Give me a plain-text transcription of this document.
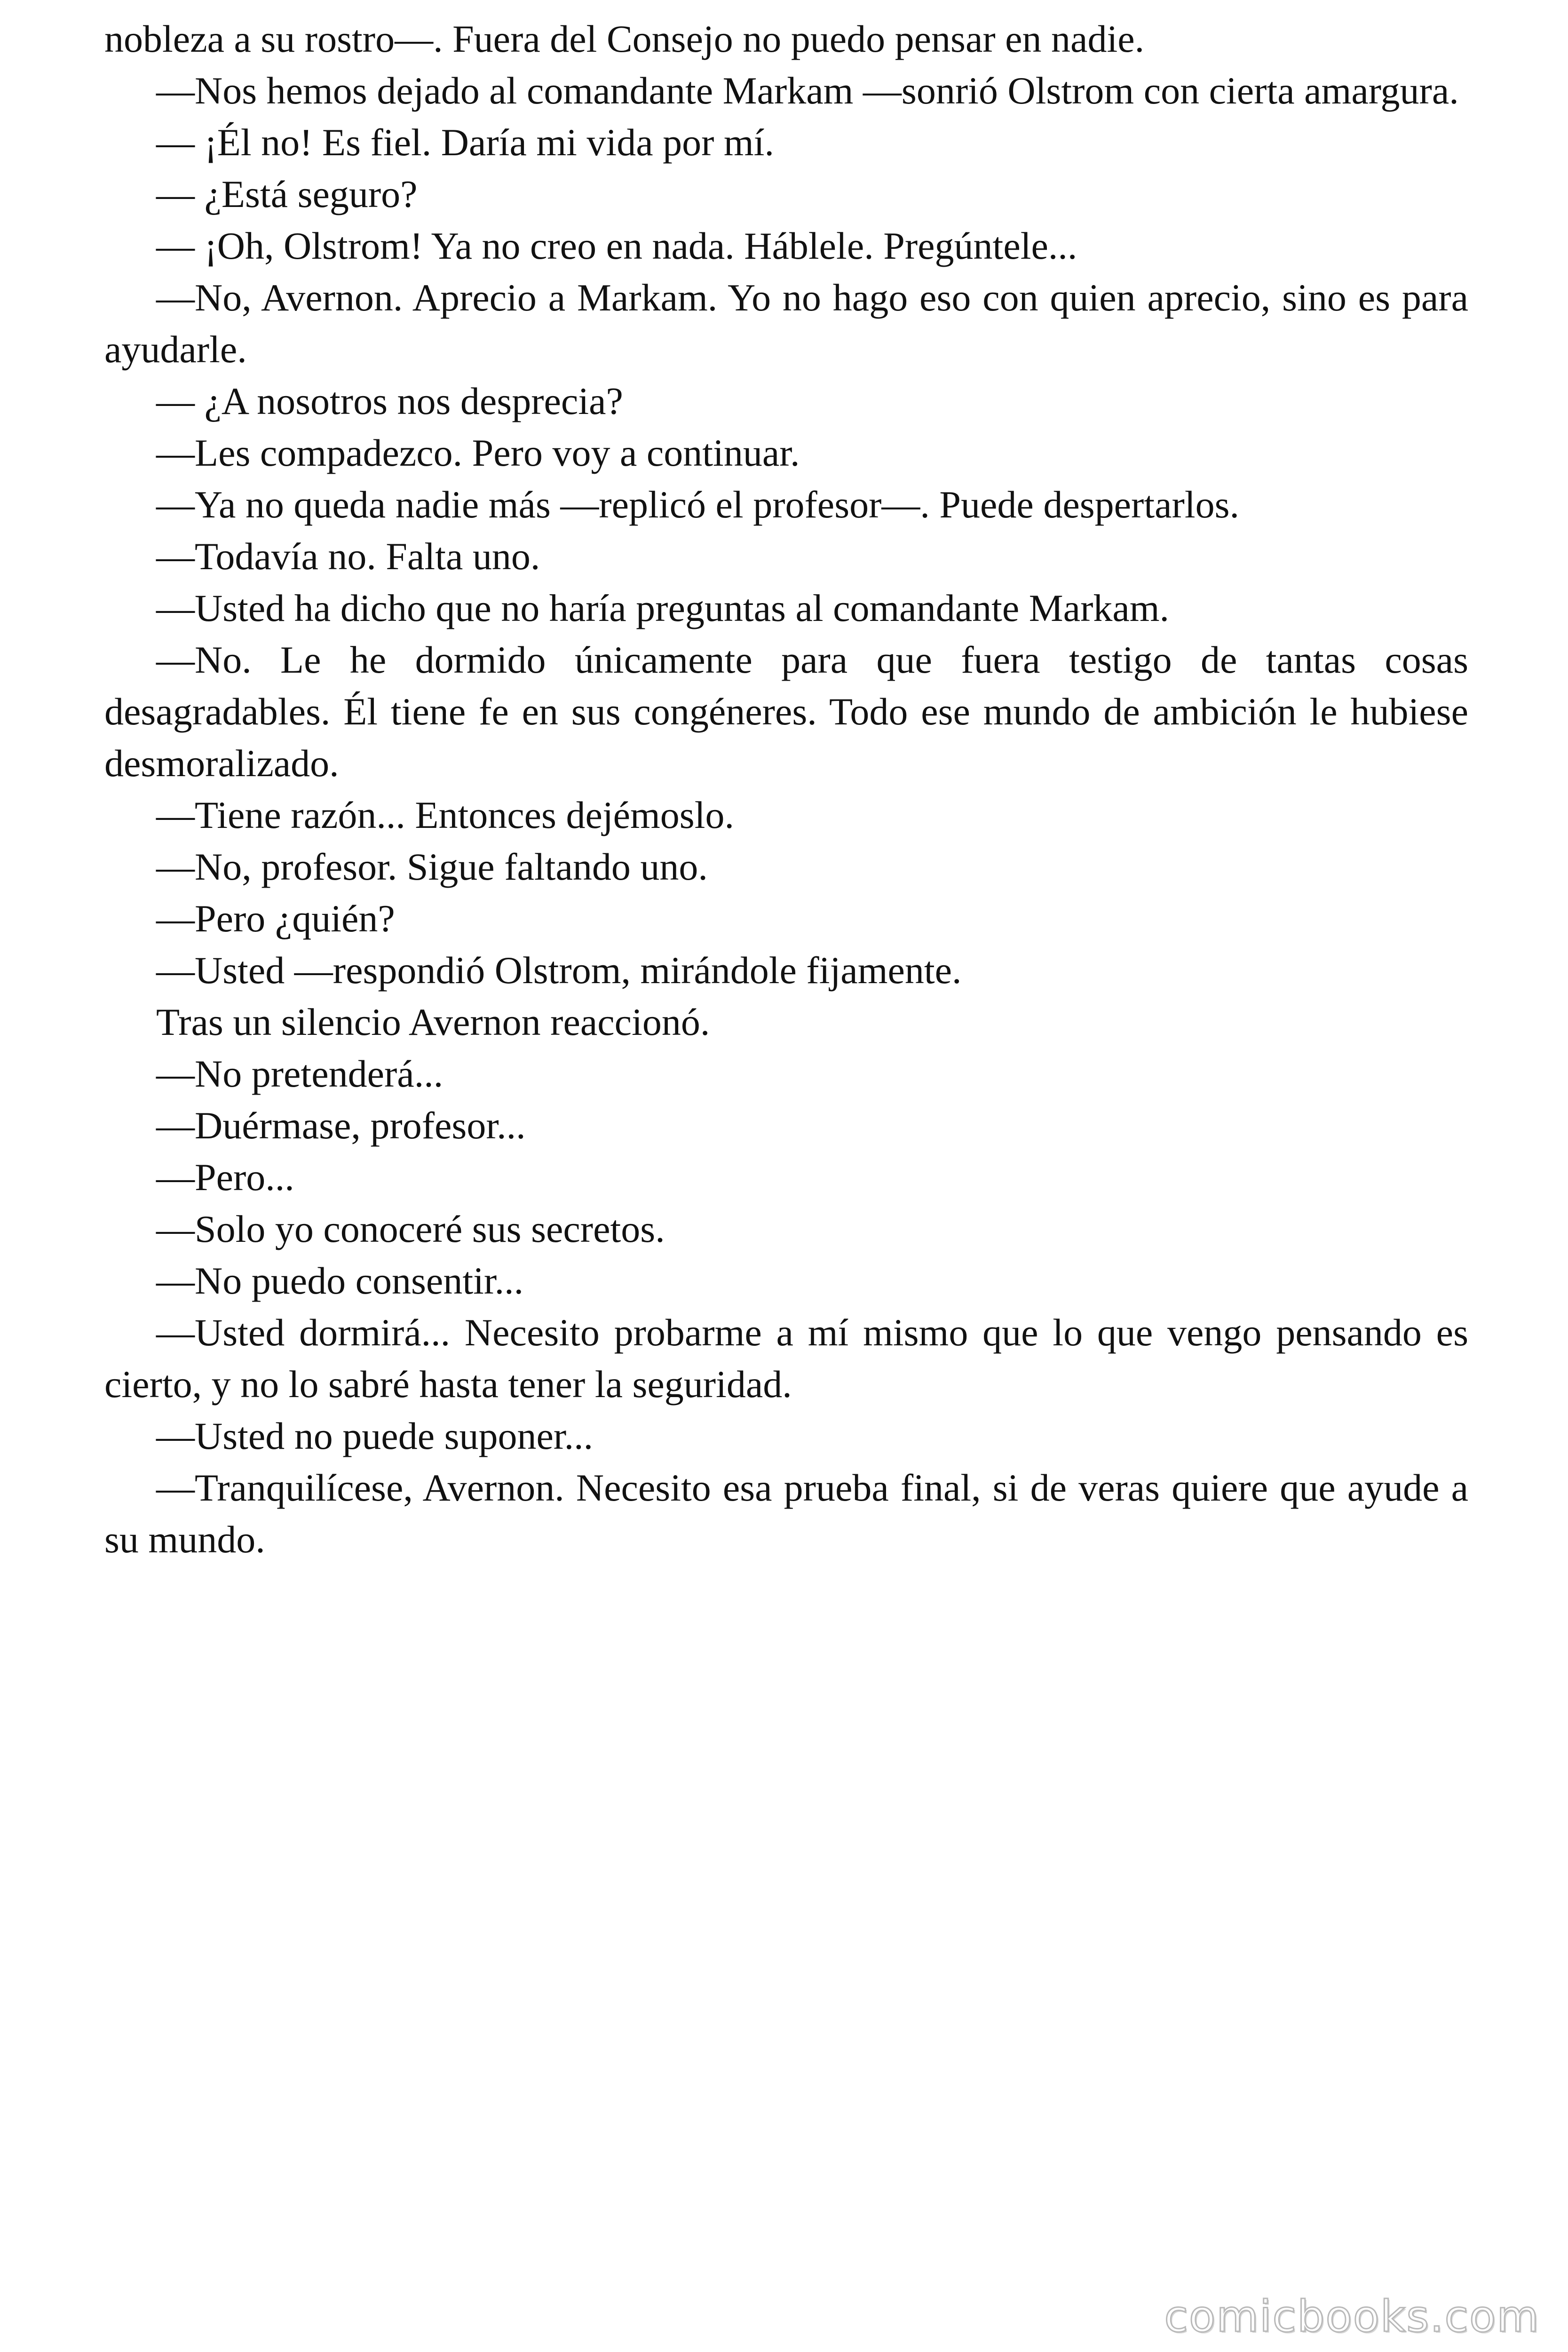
nobleza a su rostro—. Fuera del Consejo no puedo pensar en nadie.

—Nos hemos dejado al comandante Markam —sonrió Olstrom con cierta amargura.

— ¡Él no! Es fiel. Daría mi vida por mí.

— ¿Está seguro?

— ¡Oh, Olstrom! Ya no creo en nada. Háblele. Pregúntele...

—No, Avernon. Aprecio a Markam. Yo no hago eso con quien aprecio, sino es para ayudarle.

— ¿A nosotros nos desprecia?

—Les compadezco. Pero voy a continuar.

—Ya no queda nadie más —replicó el profesor—. Puede despertarlos.

—Todavía no. Falta uno.

—Usted ha dicho que no haría preguntas al comandante Markam.

—No. Le he dormido únicamente para que fuera testigo de tantas cosas desagradables. Él tiene fe en sus congéneres. Todo ese mundo de ambición le hubiese desmoralizado.

—Tiene razón... Entonces dejémoslo.

—No, profesor. Sigue faltando uno.

—Pero ¿quién?

—Usted —respondió Olstrom, mirándole fijamente.

Tras un silencio Avernon reaccionó.

—No pretenderá...

—Duérmase, profesor...

—Pero...

—Solo yo conoceré sus secretos.

—No puedo consentir...

—Usted dormirá... Necesito probarme a mí mismo que lo que vengo pensando es cierto, y no lo sabré hasta tener la seguridad.

—Usted no puede suponer...

—Tranquilícese, Avernon. Necesito esa prueba final, si de veras quiere que ayude a su mundo.

comicbooks.com
